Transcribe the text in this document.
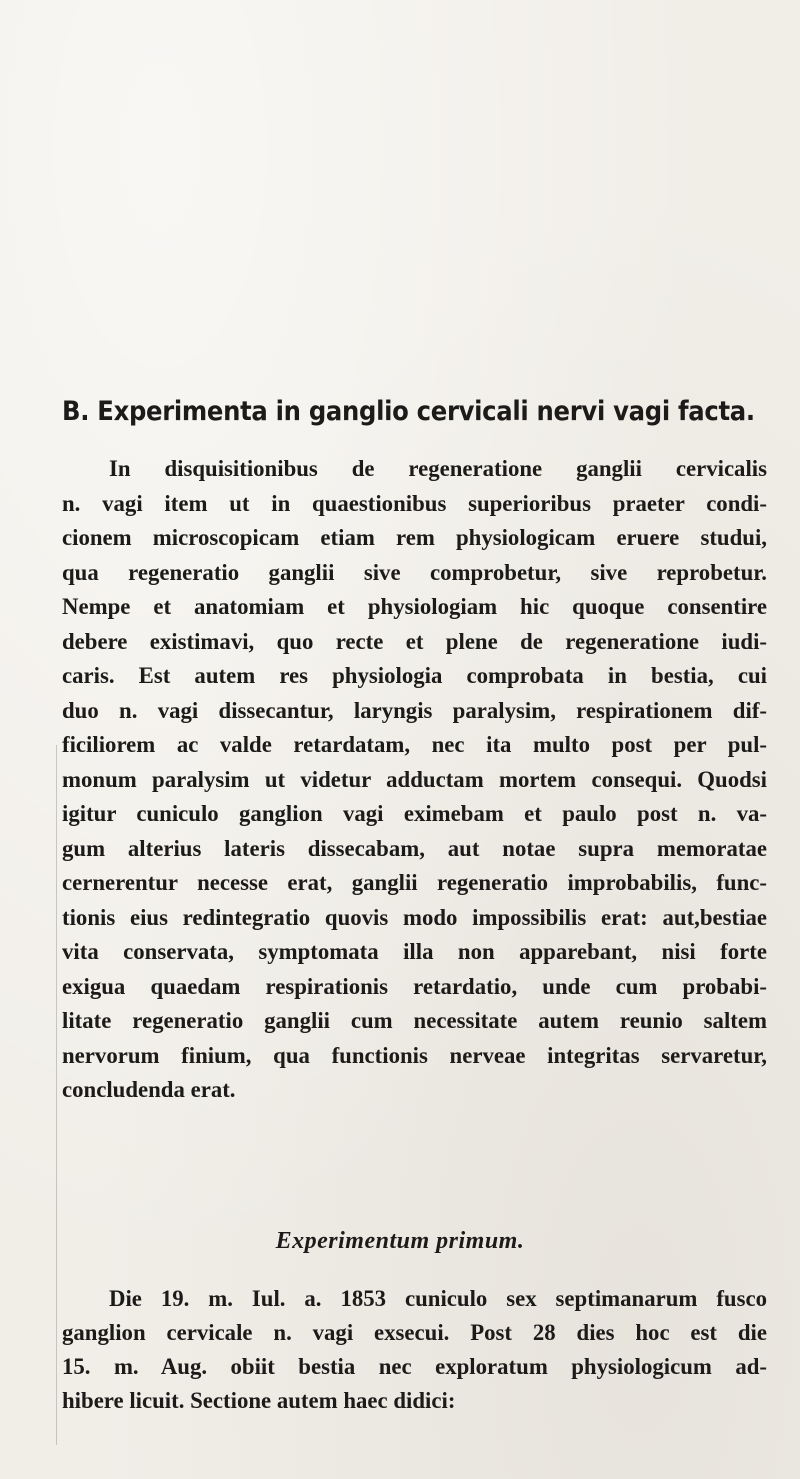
B. Experimenta in ganglio cervicali nervi vagi facta.
In disquisitionibus de regeneratione ganglii cervicalis
n. vagi item ut in quaestionibus superioribus praeter condi-
cionem microscopicam etiam rem physiologicam eruere studui,
qua regeneratio ganglii sive comprobetur, sive reprobetur.
Nempe et anatomiam et physiologiam hic quoque consentire
debere existimavi, quo recte et plene de regeneratione iudi-
caris. Est autem res physiologia comprobata in bestia, cui
duo n. vagi dissecantur, laryngis paralysim, respirationem dif-
ficiliorem ac valde retardatam, nec ita multo post per pul-
monum paralysim ut videtur adductam mortem consequi. Quodsi
igitur cuniculo ganglion vagi eximebam et paulo post n. va-
gum alterius lateris dissecabam, aut notae supra memoratae
cernerentur necesse erat, ganglii regeneratio improbabilis, func-
tionis eius redintegratio quovis modo impossibilis erat: aut,bestiae
vita conservata, symptomata illa non apparebant, nisi forte
exigua quaedam respirationis retardatio, unde cum probabi-
litate regeneratio ganglii cum necessitate autem reunio saltem
nervorum finium, qua functionis nerveae integritas servaretur,
concludenda erat.
Experimentum primum.
Die 19. m. Iul. a. 1853 cuniculo sex septimanarum fusco
ganglion cervicale n. vagi exsecui. Post 28 dies hoc est die
15. m. Aug. obiit bestia nec exploratum physiologicum ad-
hibere licuit. Sectione autem haec didici:
